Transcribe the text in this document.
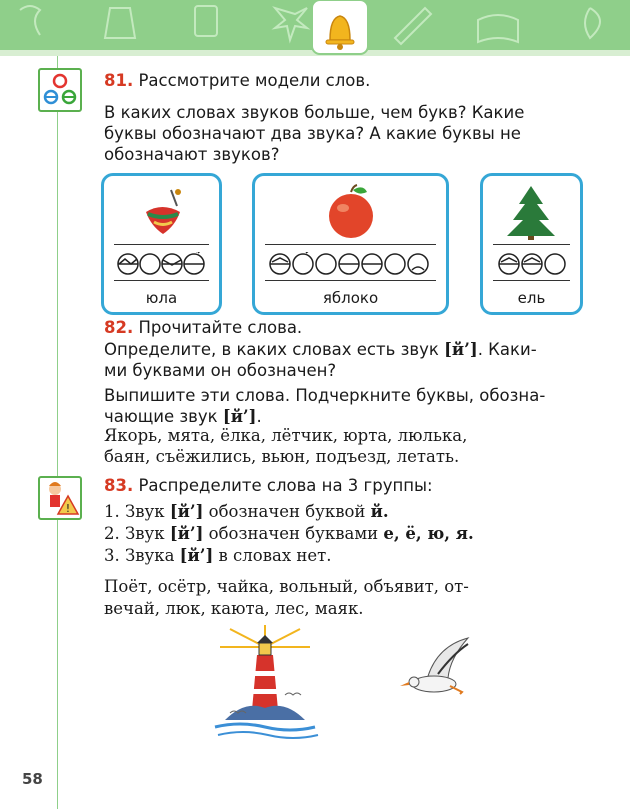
81. Рассмотрите модели слов.
В каких словах звуков больше, чем букв? Какие
буквы обозначают два звука? А какие буквы не
обозначают звуков?
юла	яблоко	ель
82. Прочитайте слова.
Определите, в каких словах есть звук [й’]. Каки-
ми буквами он обозначен?
Выпишите эти слова. Подчеркните буквы, обозна-
чающие звук [й’].
Якорь, мята, ёлка, лётчик, юрта, люлька,
баян, съёжились, вьюн, подъезд, летать.
!
83. Распределите слова на 3 группы:
1. Звук [й’] обозначен буквой й.
2. Звук [й’] обозначен буквами е, ё, ю, я.
3. Звука [й’] в словах нет.
Поёт, осётр, чайка, вольный, объявит, от-
вечай, люк, каюта, лес, маяк.
58
